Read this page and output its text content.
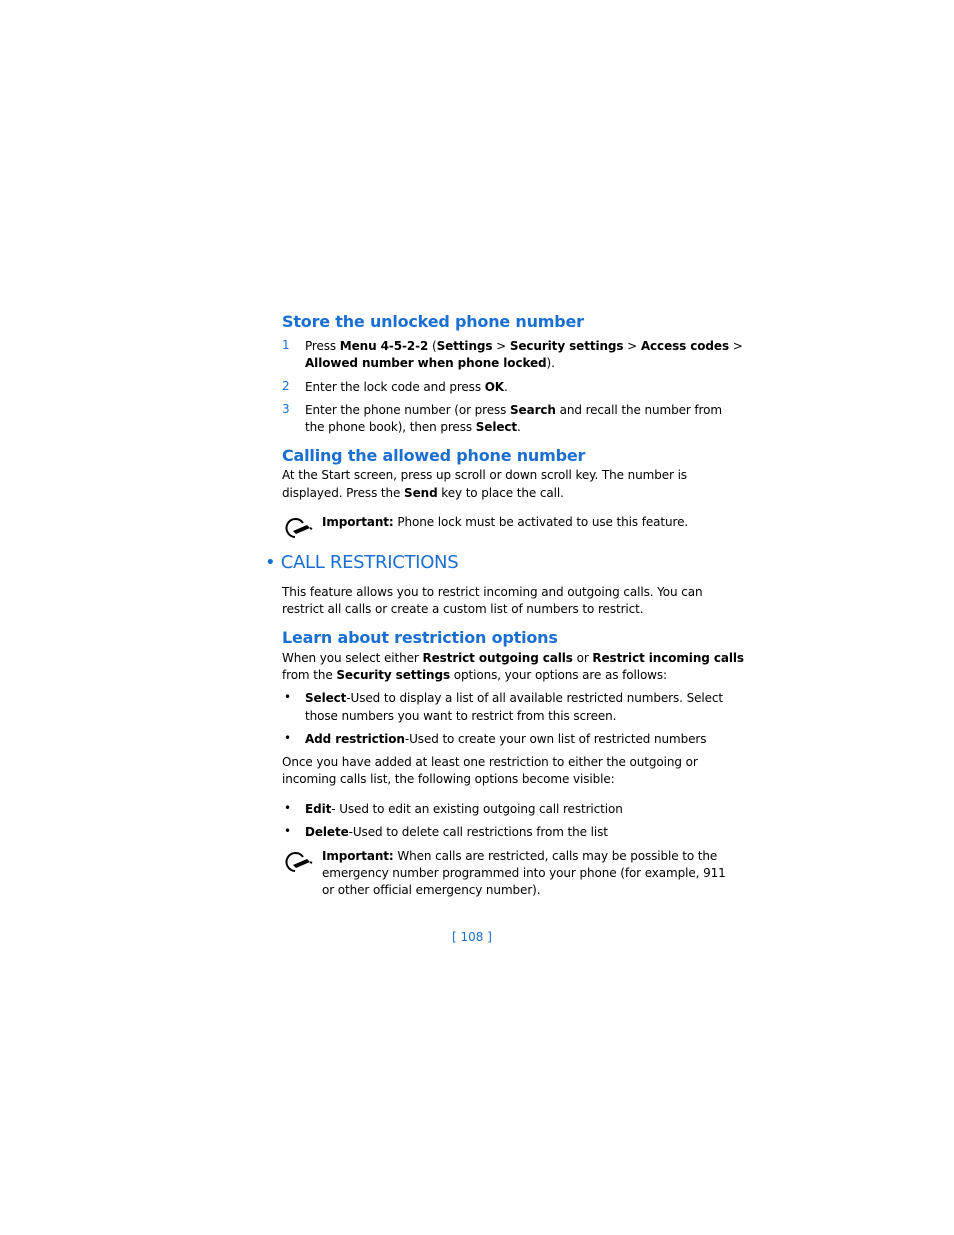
Store the unlocked phone number
1	Press Menu 4-5-2-2 (Settings > Security settings > Access codes >
Allowed number when phone locked).
2	Enter the lock code and press OK.
3	Enter the phone number (or press Search and recall the number from
the phone book), then press Select.
Calling the allowed phone number
At the Start screen, press up scroll or down scroll key. The number is
displayed. Press the Send key to place the call.
Important: Phone lock must be activated to use this feature.
• CALL RESTRICTIONS
This feature allows you to restrict incoming and outgoing calls. You can
restrict all calls or create a custom list of numbers to restrict.
Learn about restriction options
When you select either Restrict outgoing calls or Restrict incoming calls
from the Security settings options, your options are as follows:
• Select-Used to display a list of all available restricted numbers. Select
those numbers you want to restrict from this screen.
• Add restriction-Used to create your own list of restricted numbers
Once you have added at least one restriction to either the outgoing or
incoming calls list, the following options become visible:
• Edit- Used to edit an existing outgoing call restriction
• Delete-Used to delete call restrictions from the list
Important: When calls are restricted, calls may be possible to the
emergency number programmed into your phone (for example, 911
or other official emergency number).
[ 108 ]
